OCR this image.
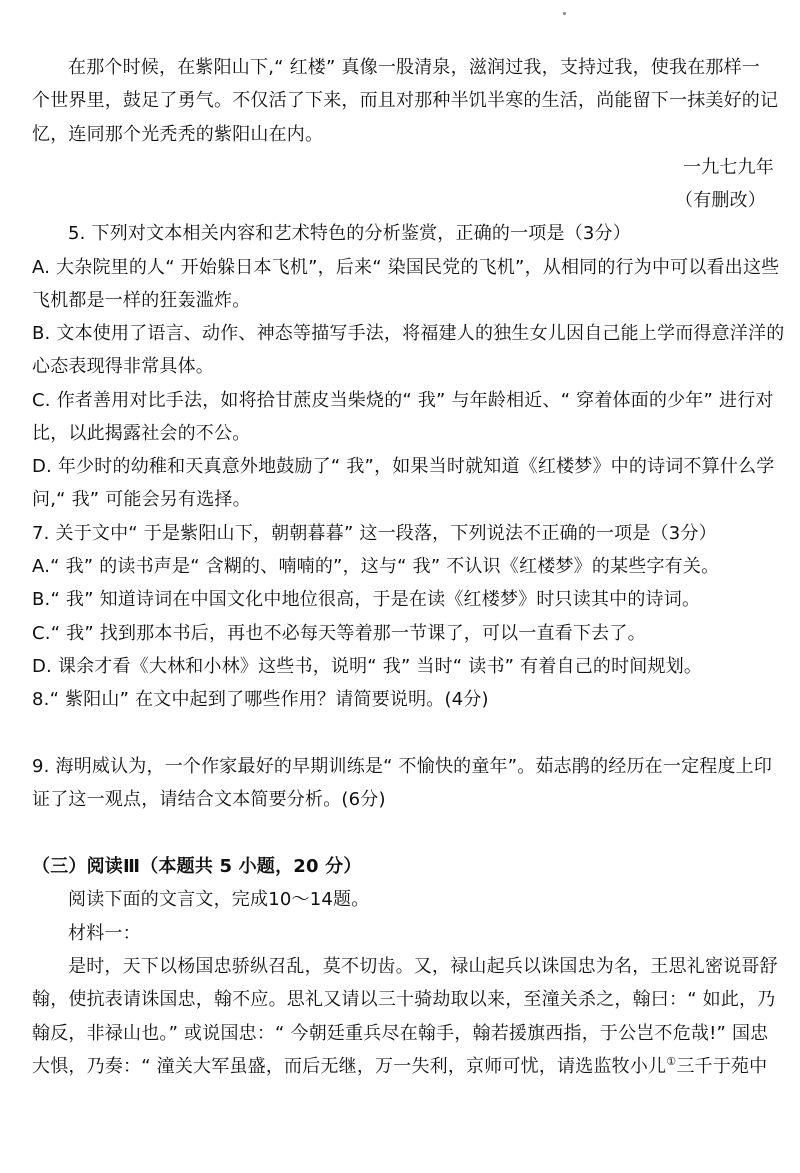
在那个时候，在紫阳山下,“ 红楼” 真像一股清泉，滋润过我，支持过我，使我在那样一
个世界里，鼓足了勇气。不仅活了下来，而且对那种半饥半寒的生活，尚能留下一抹美好的记
忆，连同那个光秃秃的紫阳山在内。
一九七九年
（有删改）
5. 下列对文本相关内容和艺术特色的分析鉴赏，正确的一项是（3分）
A. 大杂院里的人“ 开始躲日本飞机”，后来“ 染国民党的飞机”，从相同的行为中可以看出这些
飞机都是一样的狂轰滥炸。
B. 文本使用了语言、动作、神态等描写手法，将福建人的独生女儿因自己能上学而得意洋洋的
心态表现得非常具体。
C. 作者善用对比手法，如将拾甘蔗皮当柴烧的“ 我” 与年龄相近、“ 穿着体面的少年” 进行对
比，以此揭露社会的不公。
D. 年少时的幼稚和天真意外地鼓励了“ 我”，如果当时就知道《红楼梦》中的诗词不算什么学
问,“ 我” 可能会另有选择。
7. 关于文中“ 于是紫阳山下，朝朝暮暮” 这一段落，下列说法不正确的一项是（3分）
A.“ 我” 的读书声是“ 含糊的、喃喃的”，这与“ 我” 不认识《红楼梦》的某些字有关。
B.“ 我” 知道诗词在中国文化中地位很高，于是在读《红楼梦》时只读其中的诗词。
C.“ 我” 找到那本书后，再也不必每天等着那一节课了，可以一直看下去了。
D. 课余才看《大林和小林》这些书，说明“ 我” 当时“ 读书” 有着自己的时间规划。
8.“ 紫阳山” 在文中起到了哪些作用？请简要说明。(4分)
9. 海明威认为，一个作家最好的早期训练是“ 不愉快的童年”。茹志鹃的经历在一定程度上印
证了这一观点，请结合文本简要分析。(6分)
（三）阅读Ⅲ（本题共 5 小题，20 分）
阅读下面的文言文，完成10～14题。
材料一：
是时，天下以杨国忠骄纵召乱，莫不切齿。又，禄山起兵以诛国忠为名，王思礼密说哥舒
翰，使抗表请诛国忠，翰不应。思礼又请以三十骑劫取以来，至潼关杀之，翰曰：“ 如此，乃
翰反，非禄山也。” 或说国忠：“ 今朝廷重兵尽在翰手，翰若援旗西指，于公岂不危哉!” 国忠
大惧，乃奏：“ 潼关大军虽盛，而后无继，万一失利，京师可忧，请选监牧小儿①三千于苑中
